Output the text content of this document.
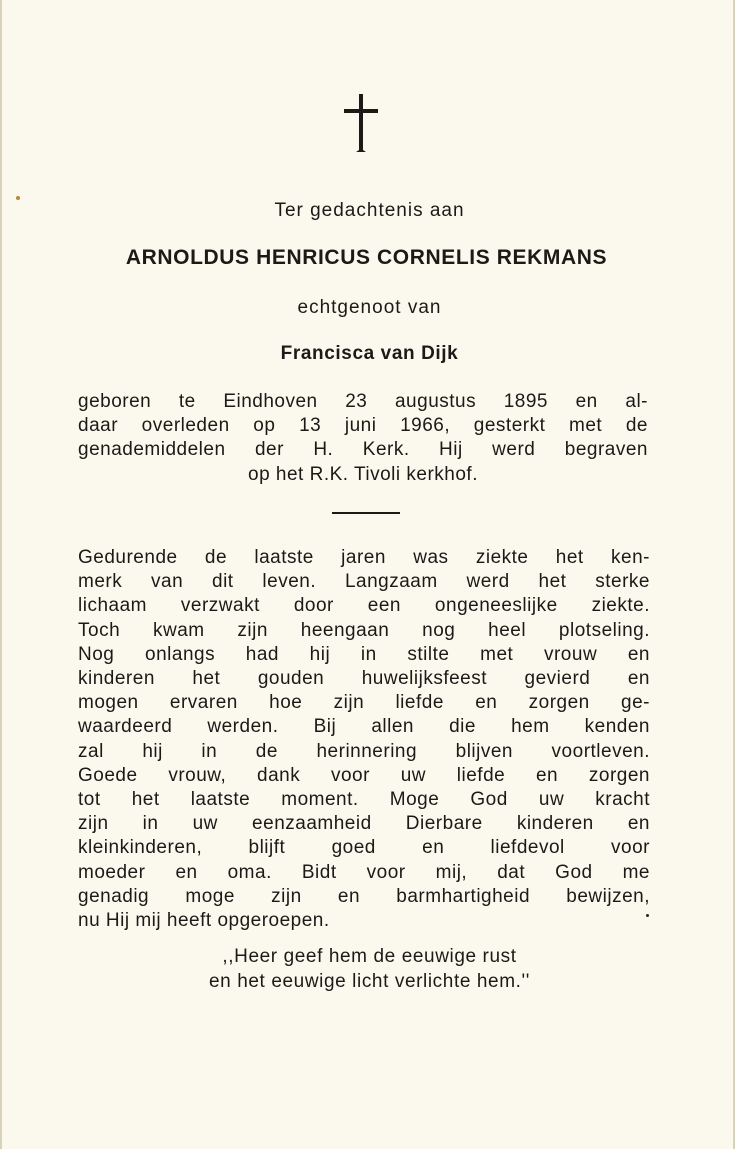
Ter gedachtenis aan
ARNOLDUS HENRICUS CORNELIS REKMANS
echtgenoot van
Francisca van Dijk
geboren te Eindhoven 23 augustus 1895 en al-
daar overleden op 13 juni 1966, gesterkt met de
genademiddelen der H. Kerk. Hij werd begraven
op het R.K. Tivoli kerkhof.
Gedurende de laatste jaren was ziekte het ken-
merk van dit leven. Langzaam werd het sterke
lichaam verzwakt door een ongeneeslijke ziekte.
Toch kwam zijn heengaan nog heel plotseling.
Nog onlangs had hij in stilte met vrouw en
kinderen het gouden huwelijksfeest gevierd en
mogen ervaren hoe zijn liefde en zorgen ge-
waardeerd werden. Bij allen die hem kenden
zal hij in de herinnering blijven voortleven.
Goede vrouw, dank voor uw liefde en zorgen
tot het laatste moment. Moge God uw kracht
zijn in uw eenzaamheid Dierbare kinderen en
kleinkinderen, blijft goed en liefdevol voor
moeder en oma. Bidt voor mij, dat God me
genadig moge zijn en barmhartigheid bewijzen,
nu Hij mij heeft opgeroepen.
,,Heer geef hem de eeuwige rust
en het eeuwige licht verlichte hem.''
